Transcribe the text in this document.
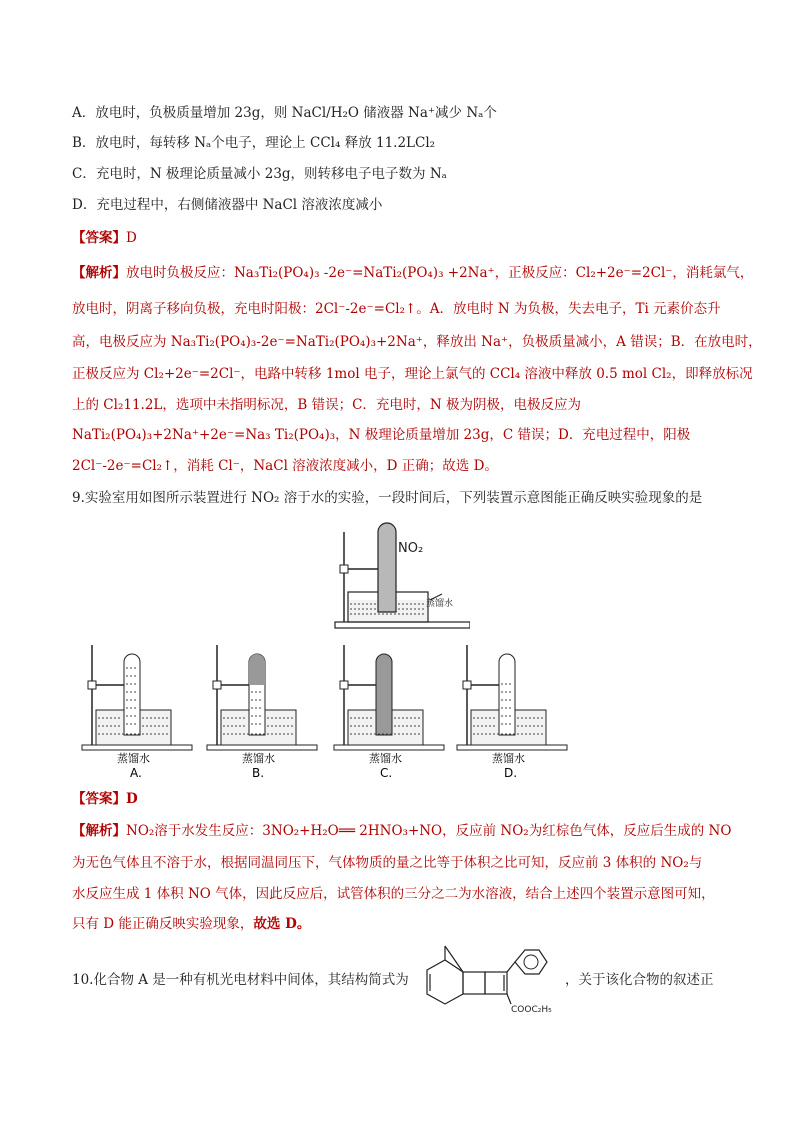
A．放电时，负极质量增加 23g，则 NaCl/H₂O 储液器 Na⁺减少 Nₐ个
B．放电时，每转移 Nₐ个电子，理论上 CCl₄ 释放 11.2LCl₂
C．充电时，N 极理论质量减小 23g，则转移电子电子数为 Nₐ
D．充电过程中，右侧储液器中 NaCl 溶液浓度减小
【答案】D
【解析】放电时负极反应：Na₃Ti₂(PO₄)₃ -2e⁻=NaTi₂(PO₄)₃ +2Na⁺，正极反应：Cl₂+2e⁻=2Cl⁻，消耗氯气，
放电时，阴离子移向负极，充电时阳极：2Cl⁻-2e⁻=Cl₂↑。A．放电时 N 为负极，失去电子，Ti 元素价态升
高，电极反应为 Na₃Ti₂(PO₄)₃-2e⁻=NaTi₂(PO₄)₃+2Na⁺，释放出 Na⁺，负极质量减小，A 错误；B．在放电时，
正极反应为 Cl₂+2e⁻=2Cl⁻，电路中转移 1mol 电子，理论上氯气的 CCl₄ 溶液中释放 0.5 mol Cl₂，即释放标况
上的 Cl₂11.2L，选项中未指明标况，B 错误；C．充电时，N 极为阴极，电极反应为
NaTi₂(PO₄)₃+2Na⁺+2e⁻=Na₃ Ti₂(PO₄)₃，N 极理论质量增加 23g，C 错误；D．充电过程中，阳极
2Cl⁻-2e⁻=Cl₂↑，消耗 Cl⁻，NaCl 溶液浓度减小，D 正确；故选 D。
9.实验室用如图所示装置进行 NO₂ 溶于水的实验，一段时间后，下列装置示意图能正确反映实验现象的是
NO₂
蒸馏水
蒸馏水	蒸馏水	蒸馏水	蒸馏水
A.	B.	C.	D.
【答案】D
【解析】NO₂溶于水发生反应：3NO₂+H₂O══ 2HNO₃+NO，反应前 NO₂为红棕色气体，反应后生成的 NO
为无色气体且不溶于水，根据同温同压下，气体物质的量之比等于体积之比可知，反应前 3 体积的 NO₂与
水反应生成 1 体积 NO 气体，因此反应后，试管体积的三分之二为水溶液，结合上述四个装置示意图可知，
只有 D 能正确反映实验现象，故选 D。
10.化合物 A 是一种有机光电材料中间体，其结构简式为
COOC₂H₅
，关于该化合物的叙述正
